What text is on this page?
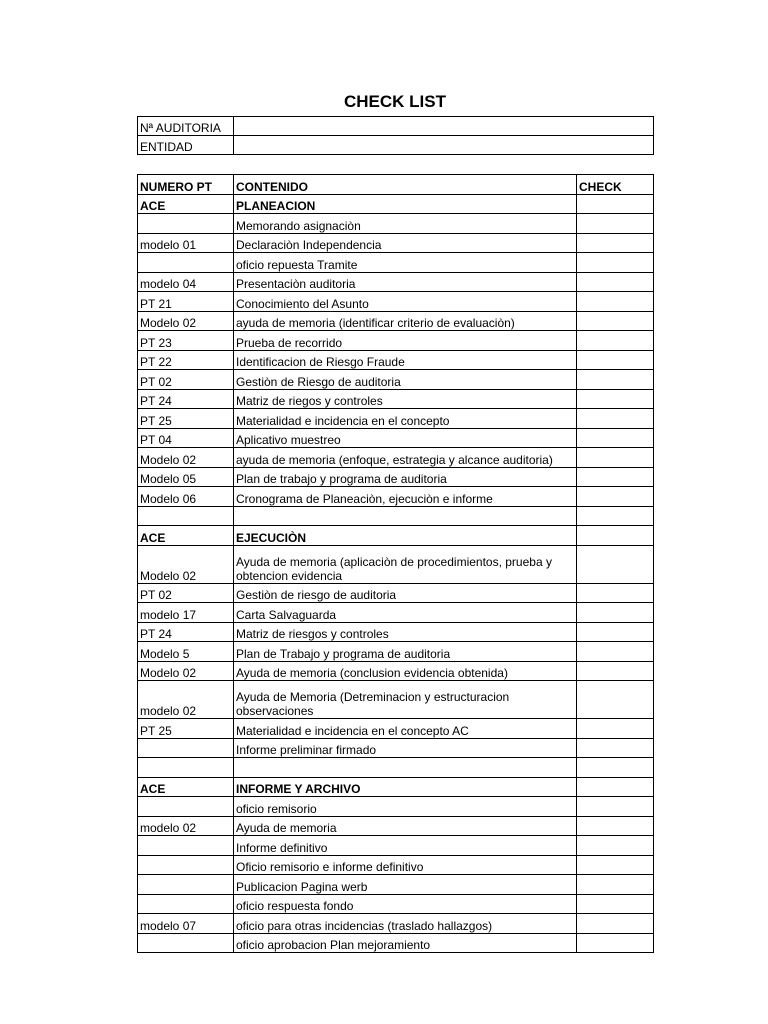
CHECK LIST
Nª AUDITORIA	
ENTIDAD	
NUMERO PT	CONTENIDO	CHECK
ACE	PLANEACION	
	Memorando asignaciòn	
modelo 01	Declaraciòn Independencia	
	oficio repuesta Tramite	
modelo 04	Presentaciòn auditoria	
PT 21	Conocimiento del Asunto	
Modelo 02	ayuda de memoria (identificar criterio de evaluaciòn)	
PT 23	Prueba de recorrido	
PT 22	Identificacion de Riesgo Fraude	
PT 02	Gestiòn de Riesgo de auditoria	
PT 24	Matriz de riegos y controles	
PT 25	Materialidad e incidencia en el concepto	
PT 04	Aplicativo muestreo	
Modelo 02	ayuda de memoria (enfoque, estrategia y alcance auditoria)	
Modelo 05	Plan de trabajo y programa de auditoria	
Modelo 06	Cronograma de Planeaciòn, ejecuciòn e informe	

ACE	EJECUCIÒN	
Modelo 02	Ayuda de memoria (aplicaciòn de procedimientos, prueba y obtencion evidencia	
PT 02	Gestiòn de riesgo de auditoria	
modelo 17	Carta Salvaguarda	
PT 24	Matriz de riesgos y controles	
Modelo 5	Plan de Trabajo y programa de auditoria	
Modelo 02	Ayuda de memoria (conclusion evidencia obtenida)	
modelo 02	Ayuda de Memoria (Detreminacion y estructuracion observaciones	
PT 25	Materialidad e incidencia en el concepto AC	
	Informe preliminar firmado	

ACE	INFORME Y ARCHIVO	
	oficio remisorio	
modelo 02	Ayuda de memoria	
	Informe definitivo	
	Oficio remisorio e informe definitivo	
	Publicacion Pagina werb	
	oficio respuesta fondo	
modelo 07	oficio para otras incidencias (traslado hallazgos)	
	oficio aprobacion Plan mejoramiento	
